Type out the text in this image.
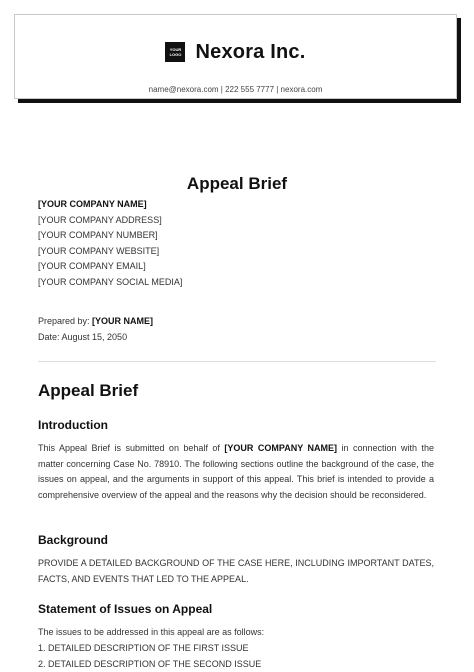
YOUR
LOGO Nexora Inc.
name@nexora.com | 222 555 7777 | nexora.com
Appeal Brief
[YOUR COMPANY NAME]
[YOUR COMPANY ADDRESS]
[YOUR COMPANY NUMBER]
[YOUR COMPANY WEBSITE]
[YOUR COMPANY EMAIL]
[YOUR COMPANY SOCIAL MEDIA]
Prepared by: [YOUR NAME]
Date: August 15, 2050
Appeal Brief
Introduction
This Appeal Brief is submitted on behalf of [YOUR COMPANY NAME] in connection with the matter concerning Case No. 78910. The following sections outline the background of the case, the issues on appeal, and the arguments in support of this appeal. This brief is intended to provide a comprehensive overview of the appeal and the reasons why the decision should be reconsidered.
Background
PROVIDE A DETAILED BACKGROUND OF THE CASE HERE, INCLUDING IMPORTANT DATES, FACTS, AND EVENTS THAT LED TO THE APPEAL.
Statement of Issues on Appeal
The issues to be addressed in this appeal are as follows:
1. DETAILED DESCRIPTION OF THE FIRST ISSUE
2. DETAILED DESCRIPTION OF THE SECOND ISSUE
